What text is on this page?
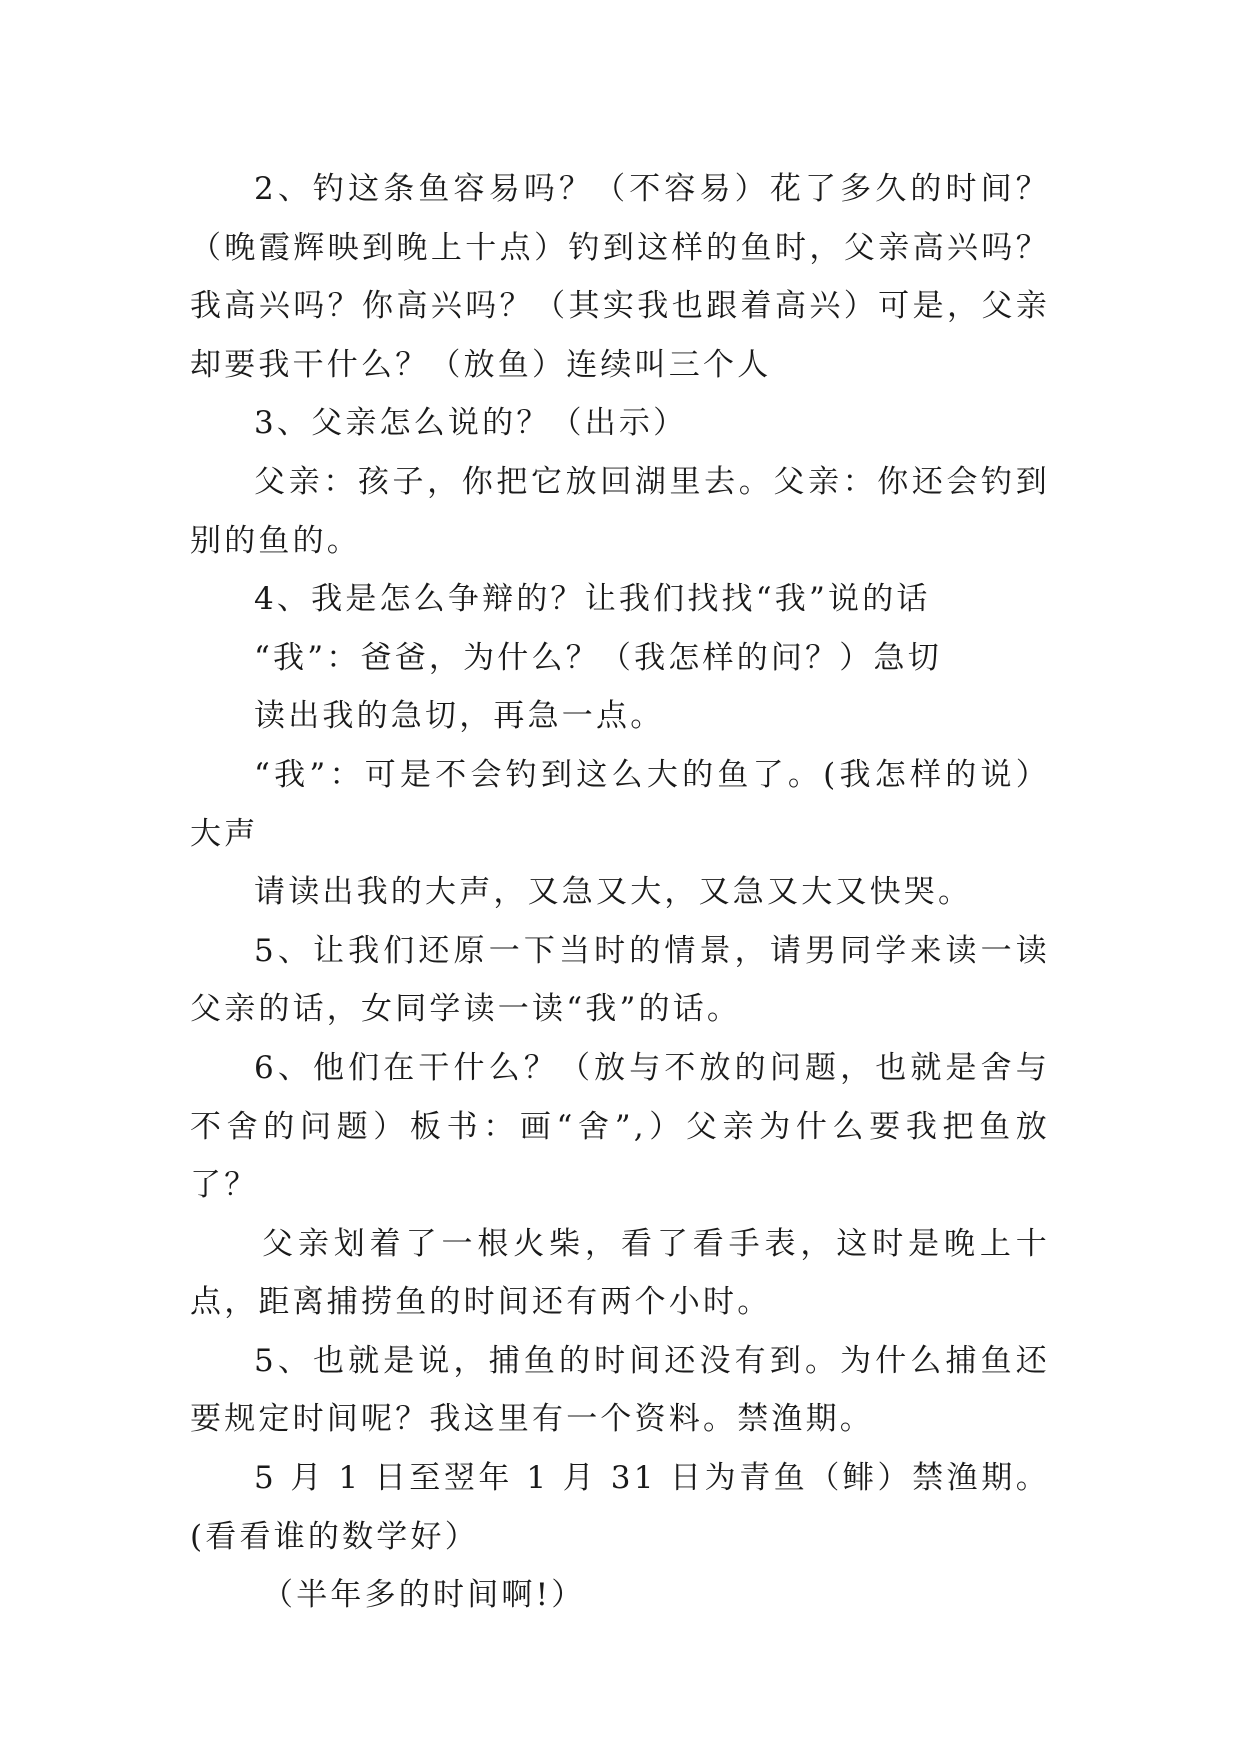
2、钓这条鱼容易吗？（不容易）花了多久的时间？（晚霞辉映到晚上十点）钓到这样的鱼时，父亲高兴吗？我高兴吗？你高兴吗？（其实我也跟着高兴）可是，父亲却要我干什么？（放鱼）连续叫三个人

3、父亲怎么说的？（出示）

父亲：孩子，你把它放回湖里去。父亲：你还会钓到别的鱼的。

4、我是怎么争辩的？让我们找找“我”说的话

“我”：爸爸，为什么？（我怎样的问？）急切

读出我的急切，再急一点。

“我”：可是不会钓到这么大的鱼了。(我怎样的说）大声

请读出我的大声，又急又大，又急又大又快哭。

5、让我们还原一下当时的情景，请男同学来读一读父亲的话，女同学读一读“我”的话。

6、他们在干什么？（放与不放的问题，也就是舍与不舍的问题）板书：画“舍”,）父亲为什么要我把鱼放了？

父亲划着了一根火柴，看了看手表，这时是晚上十点，距离捕捞鱼的时间还有两个小时。

5、也就是说，捕鱼的时间还没有到。为什么捕鱼还要规定时间呢？我这里有一个资料。禁渔期。

5 月 1 日至翌年 1 月 31 日为青鱼（鲱）禁渔期。(看看谁的数学好）

（半年多的时间啊!）
